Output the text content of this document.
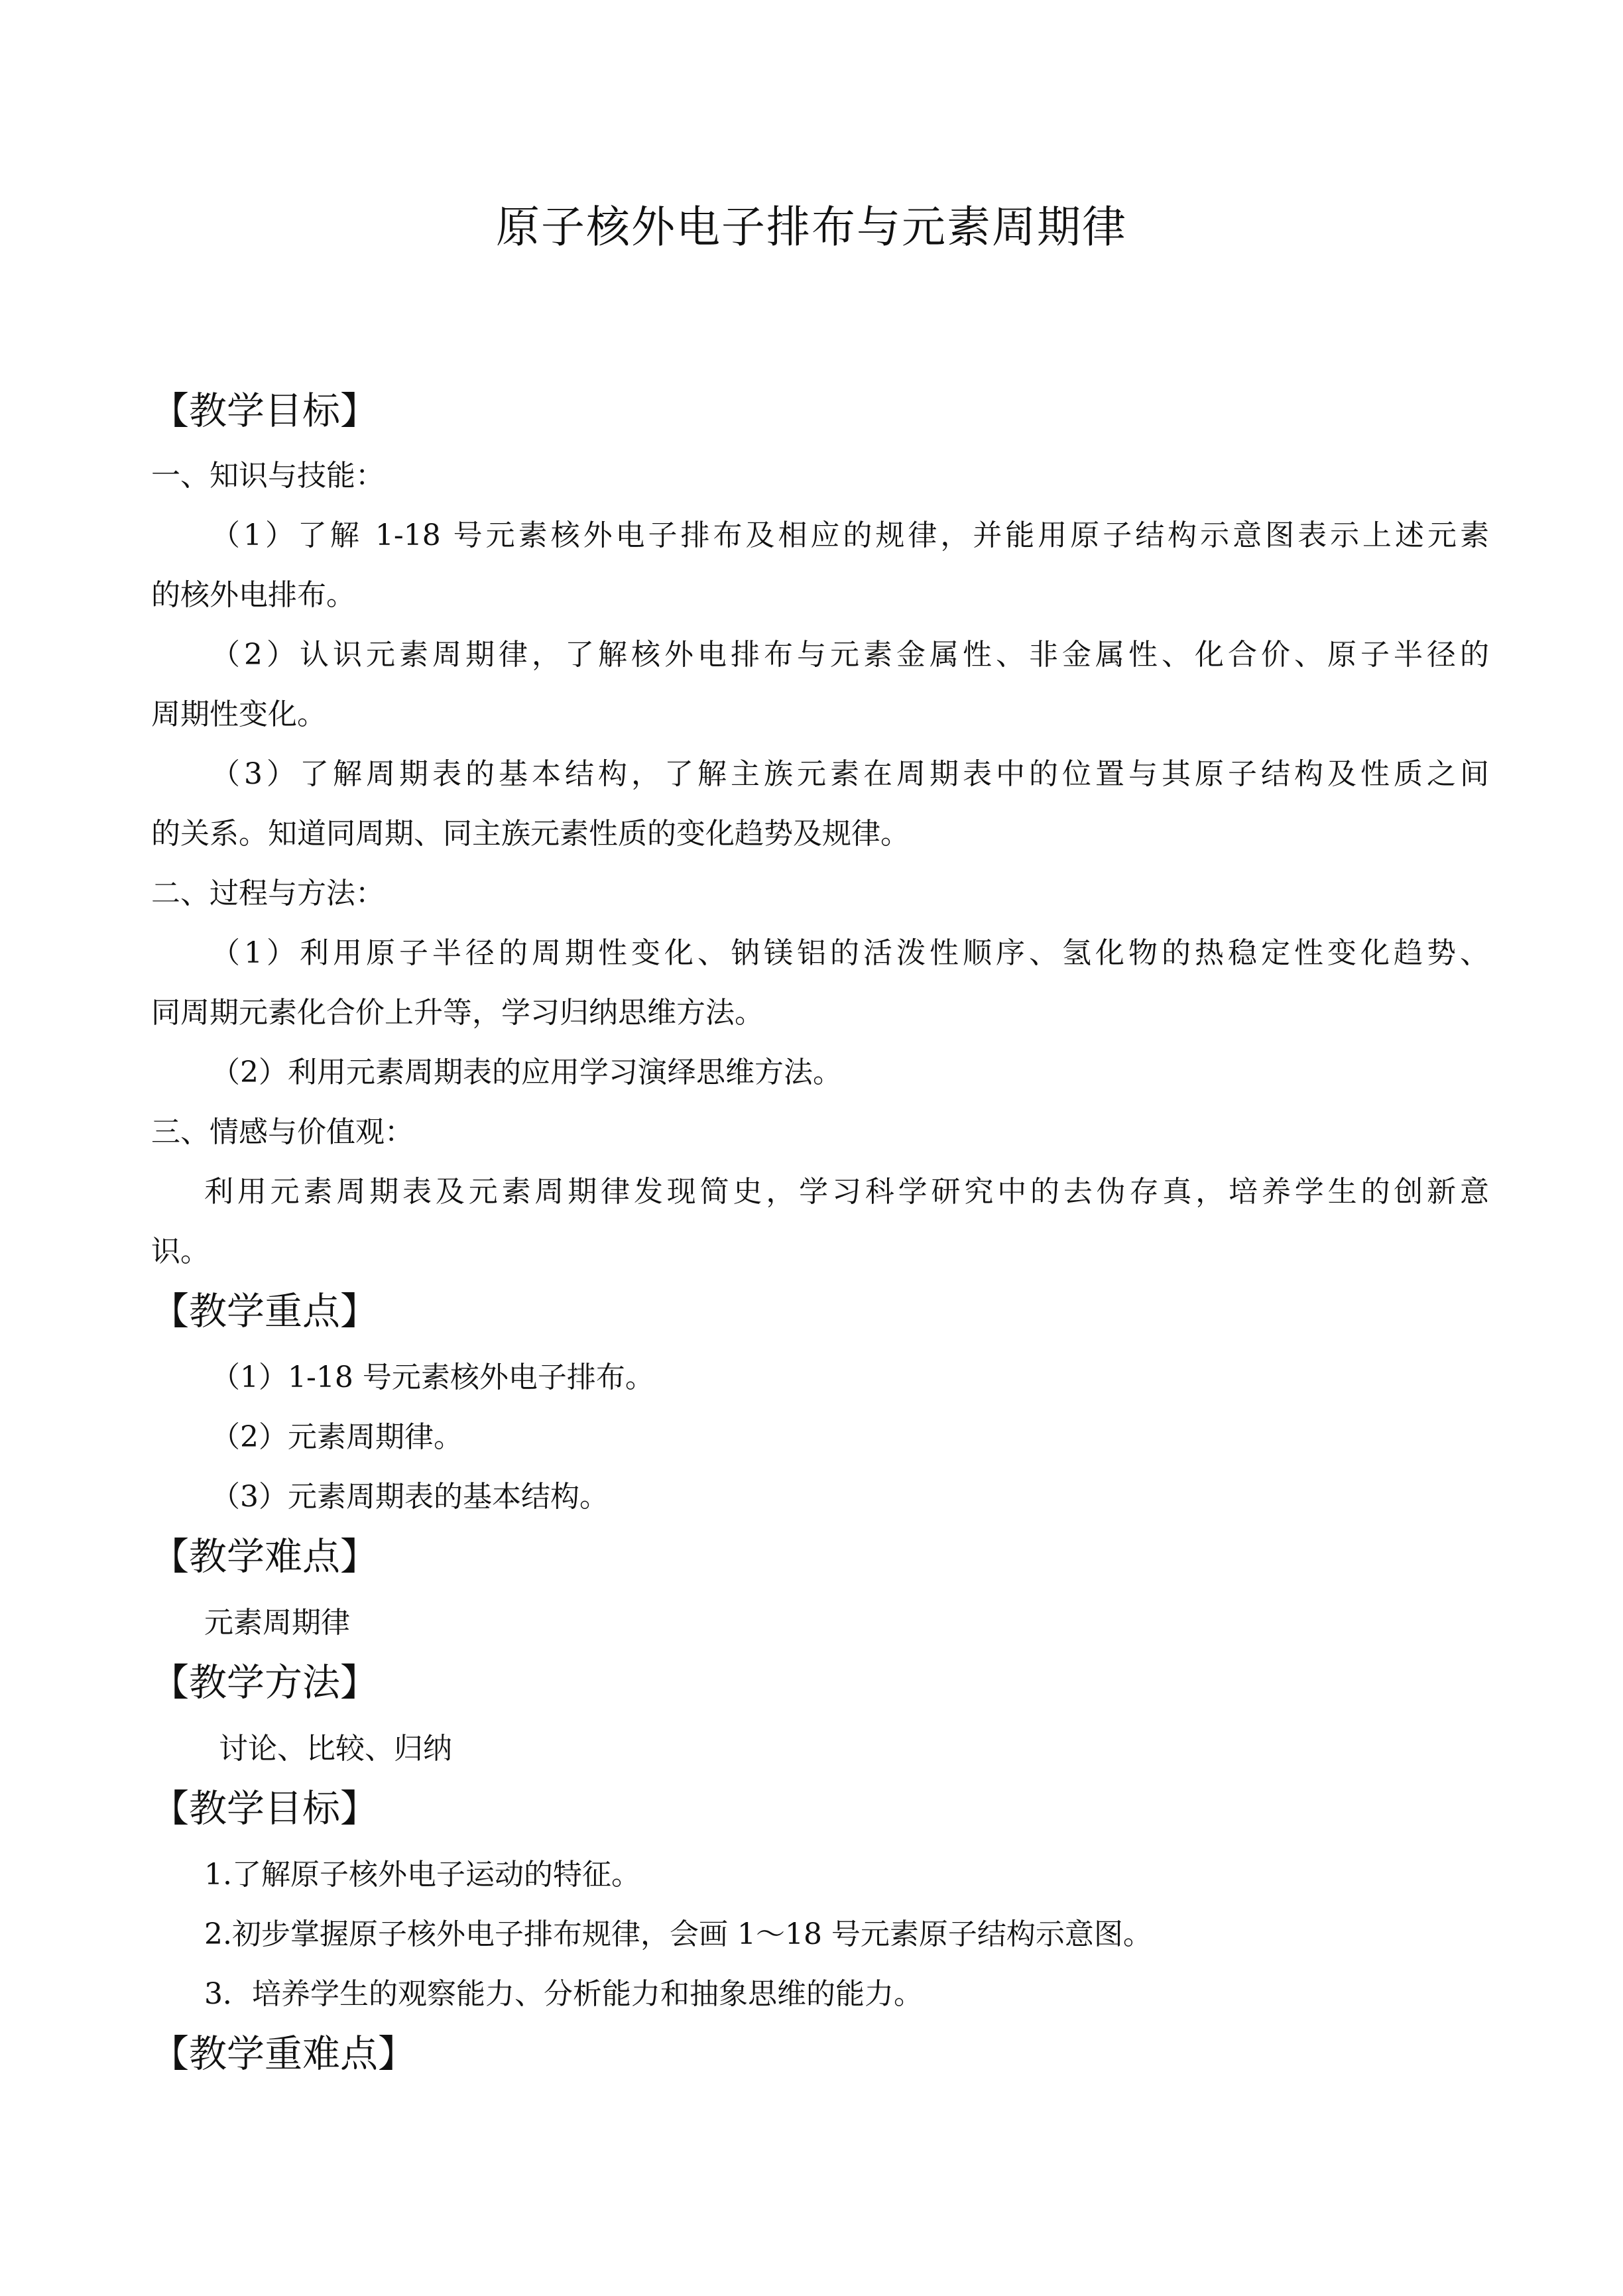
原子核外电子排布与元素周期律
【教学目标】
一、知识与技能：
（1）了解 1-18 号元素核外电子排布及相应的规律，并能用原子结构示意图表示上述元素
的核外电排布。
（2）认识元素周期律，了解核外电排布与元素金属性、非金属性、化合价、原子半径的
周期性变化。
（3）了解周期表的基本结构，了解主族元素在周期表中的位置与其原子结构及性质之间
的关系。知道同周期、同主族元素性质的变化趋势及规律。
二、过程与方法：
（1）利用原子半径的周期性变化、钠镁铝的活泼性顺序、氢化物的热稳定性变化趋势、
同周期元素化合价上升等，学习归纳思维方法。
（2）利用元素周期表的应用学习演绎思维方法。
三、情感与价值观：
利用元素周期表及元素周期律发现简史，学习科学研究中的去伪存真，培养学生的创新意
识。
【教学重点】
（1）1-18 号元素核外电子排布。
（2）元素周期律。
（3）元素周期表的基本结构。
【教学难点】
元素周期律
【教学方法】
讨论、比较、归纳
【教学目标】
1.了解原子核外电子运动的特征。
2.初步掌握原子核外电子排布规律，会画 1～18 号元素原子结构示意图。
3．培养学生的观察能力、分析能力和抽象思维的能力。
【教学重难点】
